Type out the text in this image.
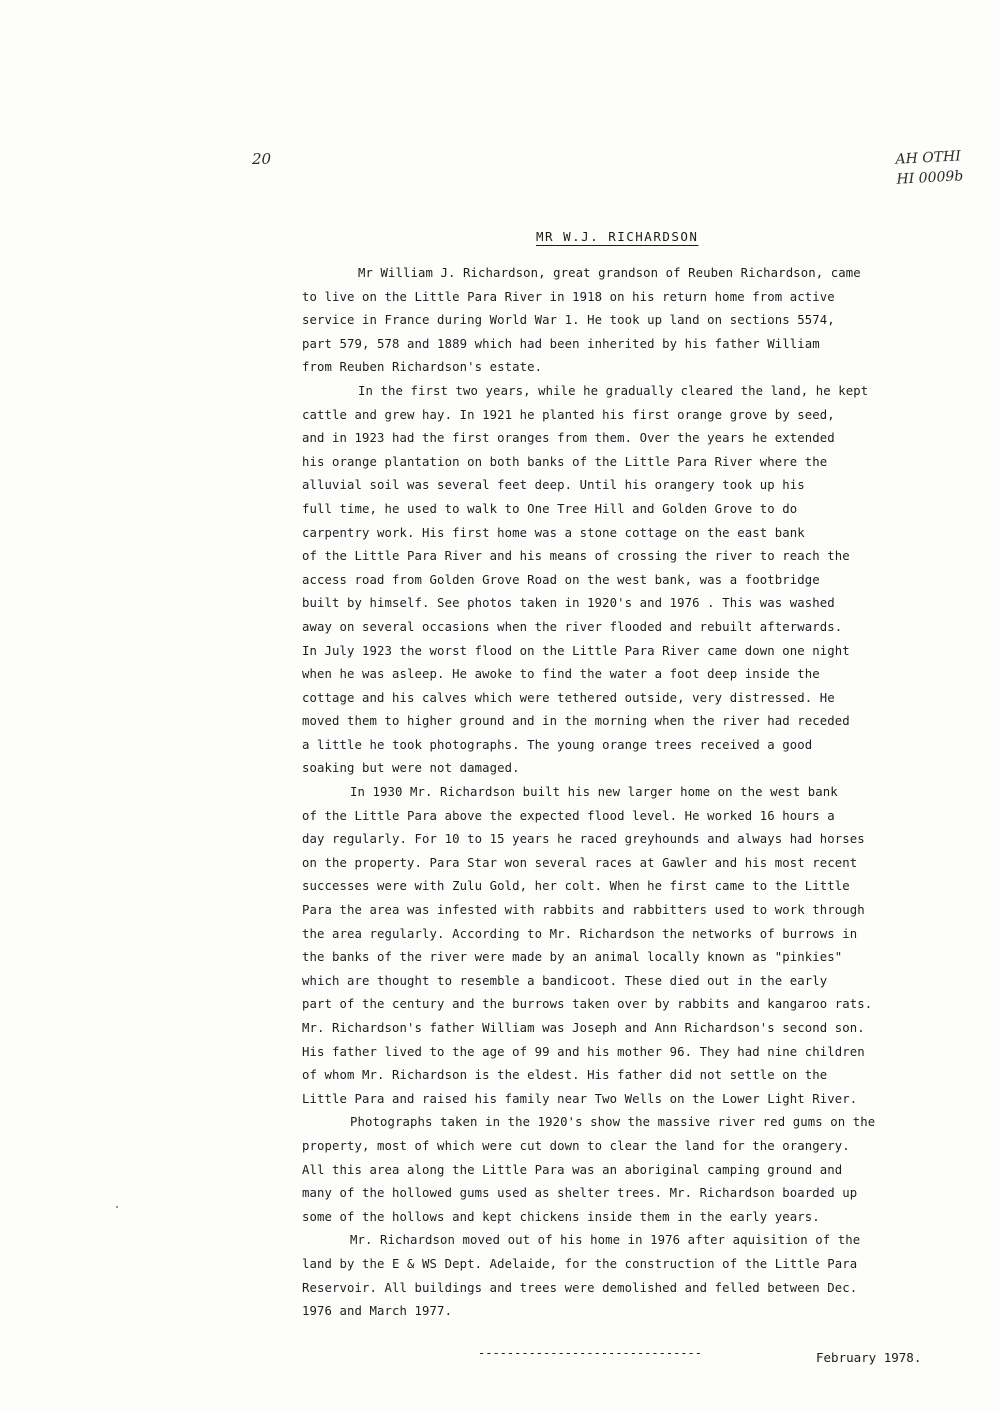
20	AH OTHI
HI 0009b
MR W.J. RICHARDSON
Mr William J. Richardson, great grandson of Reuben Richardson, came
to live on the Little Para River in 1918 on his return home from active
service in France during World War 1. He took up land on sections 5574,
part 579, 578 and 1889 which had been inherited by his father William
from Reuben Richardson's estate.
In the first two years, while he gradually cleared the land, he kept
cattle and grew hay. In 1921 he planted his first orange grove by seed,
and in 1923 had the first oranges from them. Over the years he extended
his orange plantation on both banks of the Little Para River where the
alluvial soil was several feet deep. Until his orangery took up his
full time, he used to walk to One Tree Hill and Golden Grove to do
carpentry work. His first home was a stone cottage on the east bank
of the Little Para River and his means of crossing the river to reach the
access road from Golden Grove Road on the west bank, was a footbridge
built by himself. See photos taken in 1920's and 1976 . This was washed
away on several occasions when the river flooded and rebuilt afterwards.
In July 1923 the worst flood on the Little Para River came down one night
when he was asleep. He awoke to find the water a foot deep inside the
cottage and his calves which were tethered outside, very distressed. He
moved them to higher ground and in the morning when the river had receded
a little he took photographs. The young orange trees received a good
soaking but were not damaged.
In 1930 Mr. Richardson built his new larger home on the west bank
of the Little Para above the expected flood level. He worked 16 hours a
day regularly. For 10 to 15 years he raced greyhounds and always had horses
on the property. Para Star won several races at Gawler and his most recent
successes were with Zulu Gold, her colt. When he first came to the Little
Para the area was infested with rabbits and rabbitters used to work through
the area regularly. According to Mr. Richardson the networks of burrows in
the banks of the river were made by an animal locally known as "pinkies"
which are thought to resemble a bandicoot. These died out in the early
part of the century and the burrows taken over by rabbits and kangaroo rats.
Mr. Richardson's father William was Joseph and Ann Richardson's second son.
His father lived to the age of 99 and his mother 96. They had nine children
of whom Mr. Richardson is the eldest. His father did not settle on the
Little Para and raised his family near Two Wells on the Lower Light River.
Photographs taken in the 1920's show the massive river red gums on the
property, most of which were cut down to clear the land for the orangery.
All this area along the Little Para was an aboriginal camping ground and
many of the hollowed gums used as shelter trees. Mr. Richardson boarded up
some of the hollows and kept chickens inside them in the early years.
Mr. Richardson moved out of his home in 1976 after aquisition of the
land by the E & WS Dept. Adelaide, for the construction of the Little Para
Reservoir. All buildings and trees were demolished and felled between Dec.
1976 and March 1977.
-------------------------------	February 1978.
